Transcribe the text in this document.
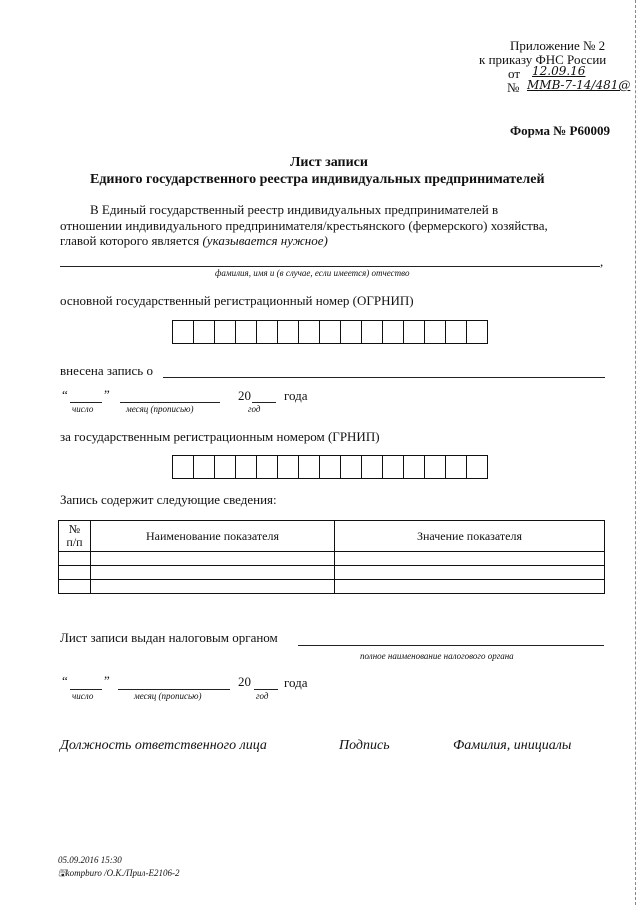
Приложение № 2
к приказу ФНС России
от 12.09.16
№ ММВ-7-14/481@
Форма № Р60009
Лист записи
Единого государственного реестра индивидуальных предпринимателей
В Единый государственный реестр индивидуальных предпринимателей в
отношении индивидуального предпринимателя/крестьянского (фермерского) хозяйства,
главой которого является (указывается нужное)
,
фамилия, имя и (в случае, если имеется) отчество
основной государственный регистрационный номер (ОГРНИП)
внесена запись о
“	”	20	года
число	месяц (прописью)	год
за государственным регистрационным номером (ГРНИП)
Запись содержит следующие сведения:
№
п/п	Наименование показателя	Значение показателя

Лист записи выдан налоговым органом
полное наименование налогового органа
“	”	20	года
число	месяц (прописью)	год
Должность ответственного лица	Подпись	Фамилия, инициалы
05.09.2016 15:30
🖫kompburo /О.К./Прил-Е2106-2
